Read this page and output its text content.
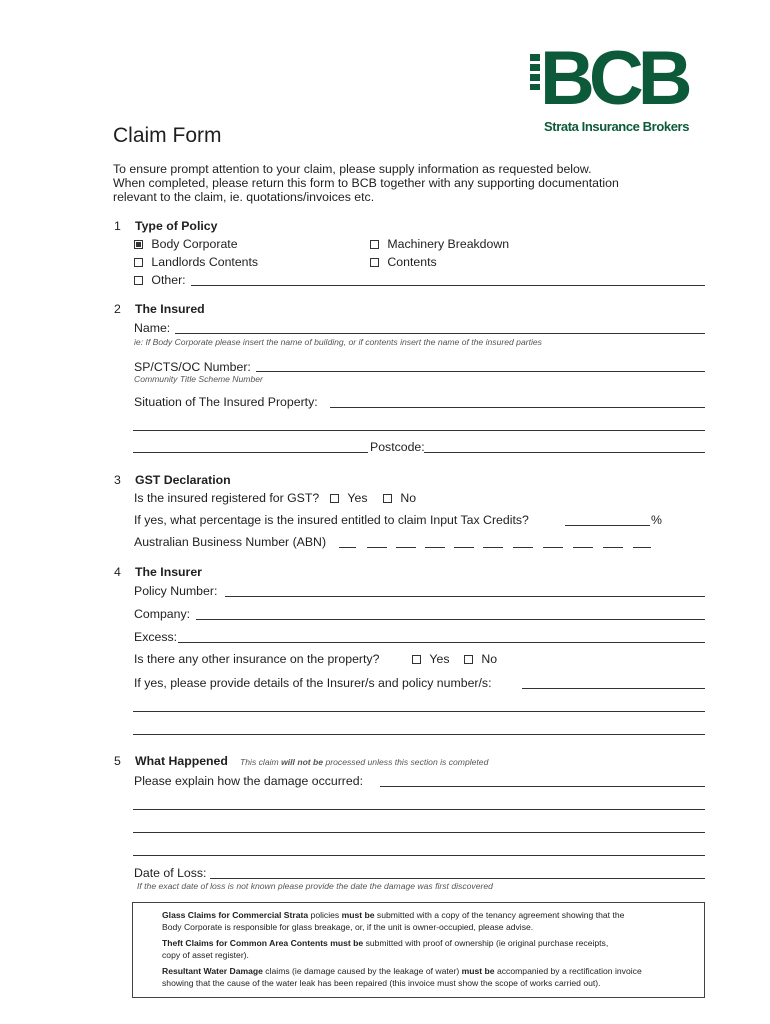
BCB
Strata Insurance Brokers
Claim Form
To ensure prompt attention to your claim, please supply information as requested below.
When completed, please return this form to BCB together with any supporting documentation
relevant to the claim, ie. quotations/invoices etc.
1 Type of Policy
Body Corporate
Landlords Contents
Other:
Machinery Breakdown
Contents
2 The Insured
Name:
ie: If Body Corporate please insert the name of building, or if contents insert the name of the insured parties
SP/CTS/OC Number:
Community Title Scheme Number
Situation of The Insured Property:
Postcode:
3 GST Declaration
Is the insured registered for GST?	Yes	No
If yes, what percentage is the insured entitled to claim Input Tax Credits?	%
Australian Business Number (ABN)
4 The Insurer
Policy Number:
Company:
Excess:
Is there any other insurance on the property?	Yes	No
If yes, please provide details of the Insurer/s and policy number/s:
5 What Happened This claim will not be processed unless this section is completed
Please explain how the damage occurred:
Date of Loss:
If the exact date of loss is not known please provide the date the damage was first discovered

Glass Claims for Commercial Strata policies must be submitted with a copy of the tenancy agreement showing that the

Body Corporate is responsible for glass breakage, or, if the unit is owner-occupied, please advise.

Theft Claims for Common Area Contents must be submitted with proof of ownership (ie original purchase receipts,

copy of asset register).

Resultant Water Damage claims (ie damage caused by the leakage of water) must be accompanied by a rectification invoice

showing that the cause of the water leak has been repaired (this invoice must show the scope of works carried out).
